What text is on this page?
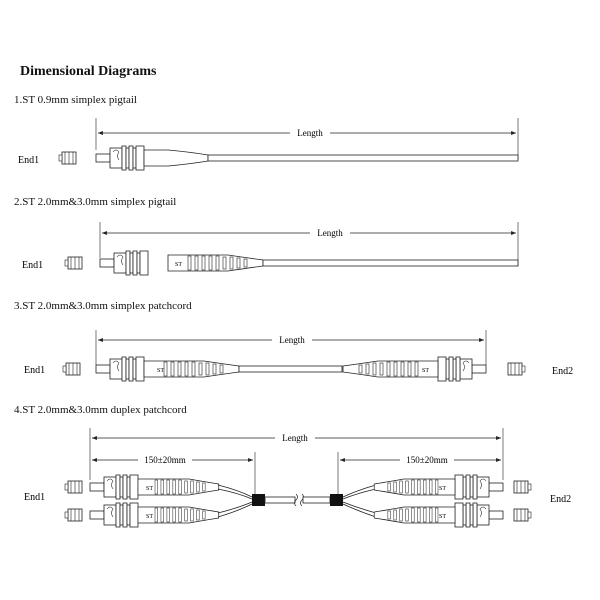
Dimensional Diagrams
1.ST 0.9mm simplex pigtail
2.ST 2.0mm&3.0mm simplex pigtail
3.ST 2.0mm&3.0mm simplex patchcord
4.ST 2.0mm&3.0mm duplex patchcord
Length
End1
Length
End1	ST
Length
End1	End2
ST	ST
Length
150±20mm	150±20mm
End1	End2
ST
ST
ST
ST
